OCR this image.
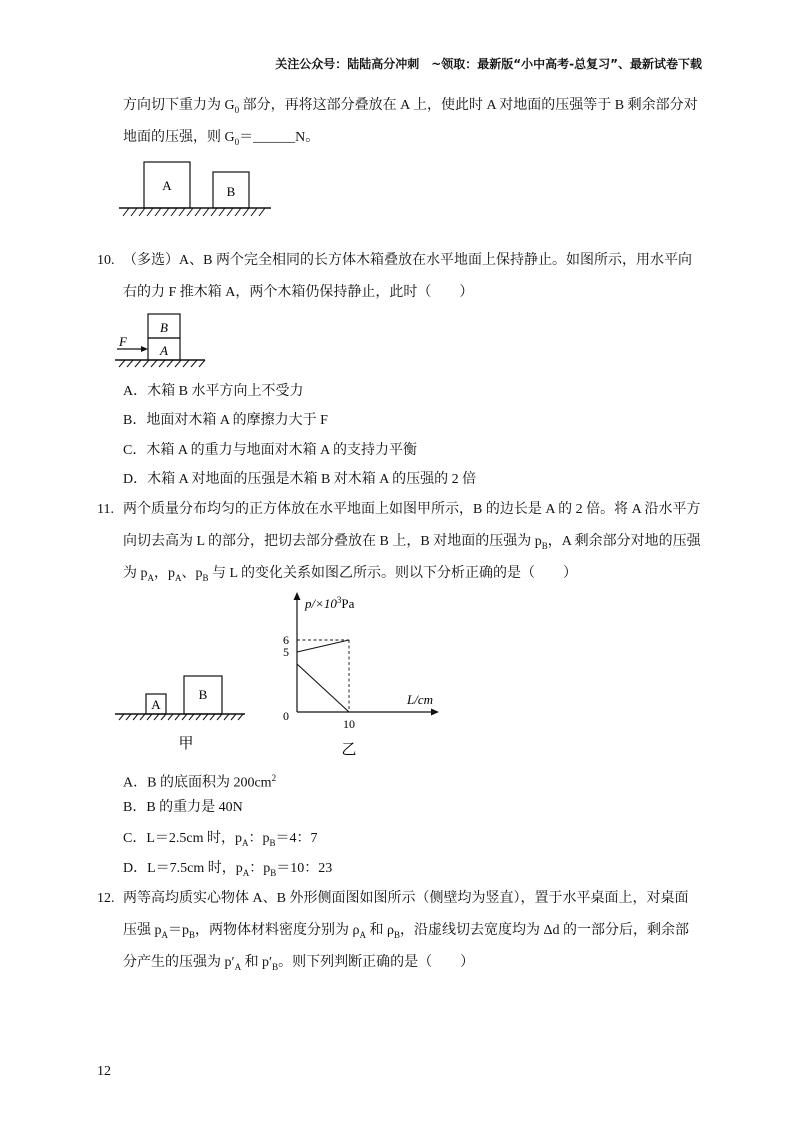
关注公众号：陆陆高分冲刺　~领取：最新版“小中高考-总复习”、最新试卷下载
方向切下重力为 $G_0$ 部分，再将这部分叠放在 A 上，使此时 A 对地面的压强等于 B 剩余部分对
地面的压强，则 $G_0=\_\_\_\_\_\_N$。
A	B
10. （多选）A、B 两个完全相同的长方体木箱叠放在水平地面上保持静止。如图所示，用水平向
右的力 F 推木箱 A，两个木箱仍保持静止，此时（　　）
B
A
F
A．木箱 B 水平方向上不受力
B．地面对木箱 A 的摩擦力大于 F
C．木箱 A 的重力与地面对木箱 A 的支持力平衡
D．木箱 A 对地面的压强是木箱 B 对木箱 A 的压强的 2 倍
11. 两个质量分布均匀的正方体放在水平地面上如图甲所示，B 的边长是 A 的 2 倍。将 A 沿水平方
向切去高为 L 的部分，把切去部分叠放在 B 上，B 对地面的压强为 $p_B$，A 剩余部分对地的压强
为 $p_A$，$p_A$、$p_B$ 与 L 的变化关系如图乙所示。则以下分析正确的是（　　）
A
B
甲
$p/\times 10^3Pa$
L/cm
0
6
5
10
乙
A．B 的底面积为 $200cm^2$
B．B 的重力是 40N
C．L＝2.5cm 时，$p_A$：$p_B=4$：7
D．L＝7.5cm 时，$p_A$：$p_B=10$：23
12. 两等高均质实心物体 A、B 外形侧面图如图所示（侧壁均为竖直），置于水平桌面上，对桌面
压强 $p_A=p_B$，两物体材料密度分别为 $\rho_A$ 和 $\rho_B$，沿虚线切去宽度均为 Δd 的一部分后，剩余部
分产生的压强为 $p'_A$ 和 $p'_B$。则下列判断正确的是（　　）
12
